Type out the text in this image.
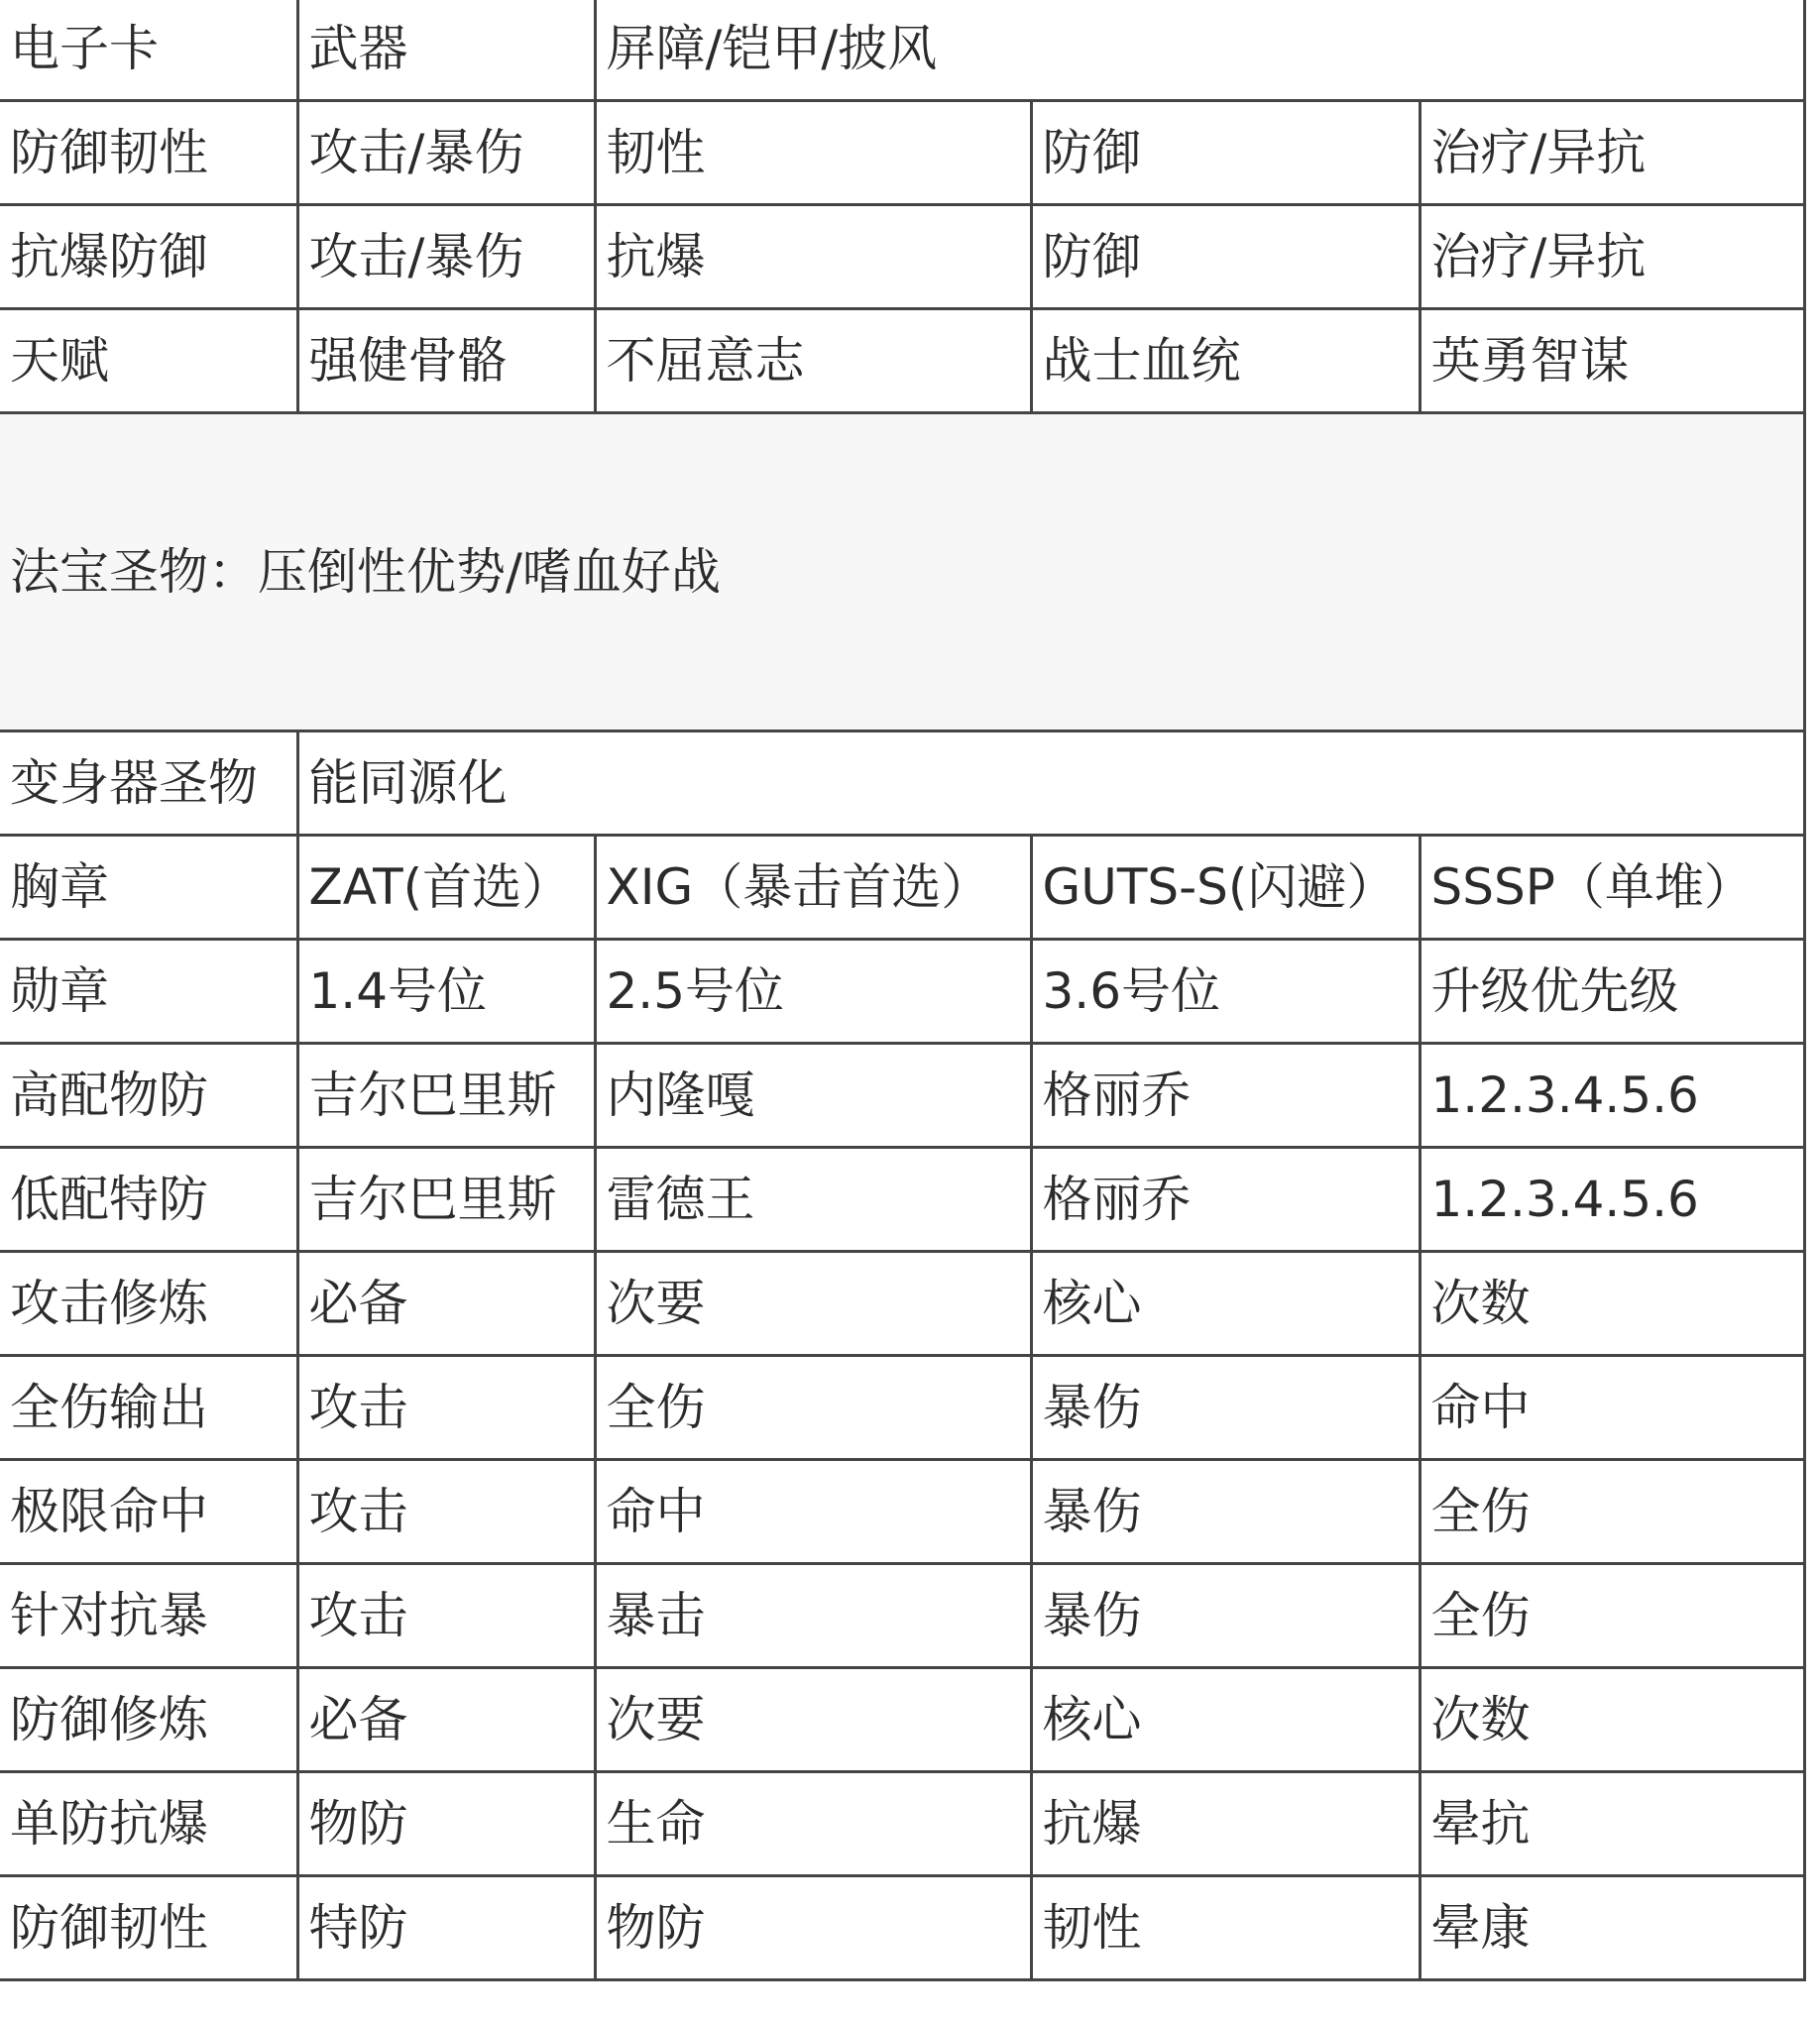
电子卡	武器	屏障/铠甲/披风		
防御韧性	攻击/暴伤	韧性	防御	治疗/异抗
抗爆防御	攻击/暴伤	抗爆	防御	治疗/异抗
天赋	强健骨骼	不屈意志	战士血统	英勇智谋
法宝圣物：压倒性优势/嗜血好战				
变身器圣物	能同源化			
胸章	ZAT(首选）	XIG（暴击首选）	GUTS-S(闪避）	SSSP（单堆）
勋章	1.4号位	2.5号位	3.6号位	升级优先级
高配物防	吉尔巴里斯	内隆嘎	格丽乔	1.2.3.4.5.6
低配特防	吉尔巴里斯	雷德王	格丽乔	1.2.3.4.5.6
攻击修炼	必备	次要	核心	次数
全伤输出	攻击	全伤	暴伤	命中
极限命中	攻击	命中	暴伤	全伤
针对抗暴	攻击	暴击	暴伤	全伤
防御修炼	必备	次要	核心	次数
单防抗爆	物防	生命	抗爆	晕抗
防御韧性	特防	物防	韧性	晕康
